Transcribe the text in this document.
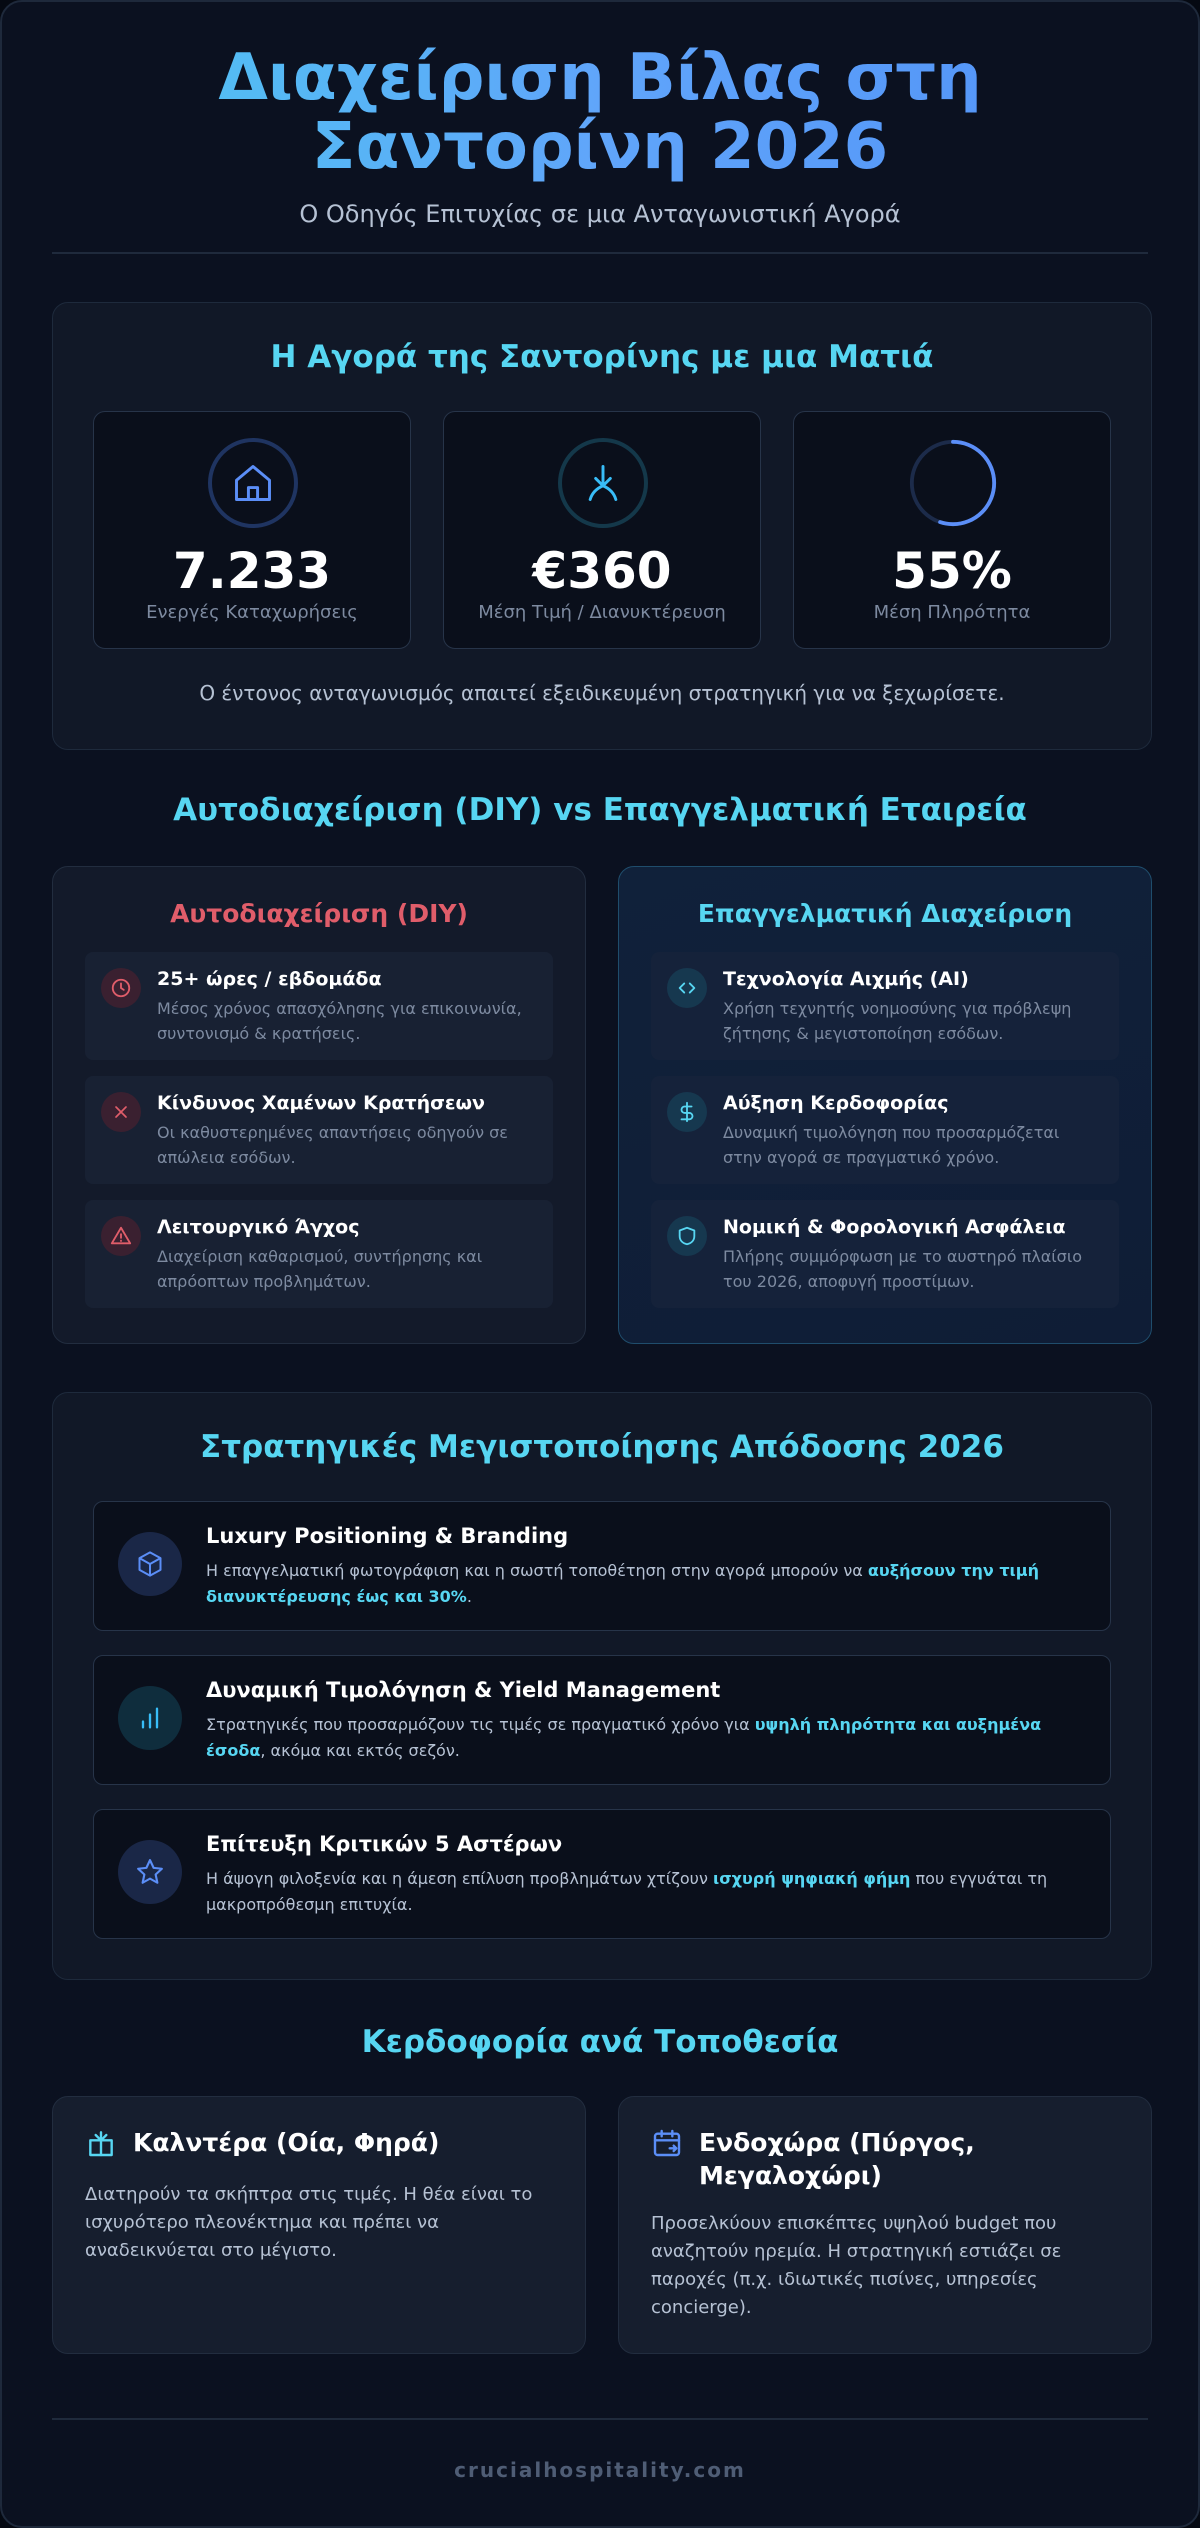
Διαχείριση Βίλας στη Σαντορίνη 2026
Ο Οδηγός Επιτυχίας σε μια Ανταγωνιστική Αγορά
Η Αγορά της Σαντορίνης με μια Ματιά
7.233
Ενεργές Καταχωρήσεις
€360
Μέση Τιμή / Διανυκτέρευση
55%
Μέση Πληρότητα

Ο έντονος ανταγωνισμός απαιτεί εξειδικευμένη στρατηγική για να ξεχωρίσετε.

Αυτοδιαχείριση (DIY) vs Επαγγελματική Εταιρεία
Αυτοδιαχείριση (DIY)
25+ ώρες / εβδομάδα
Μέσος χρόνος απασχόλησης για επικοινωνία, συντονισμό & κρατήσεις.
Κίνδυνος Χαμένων Κρατήσεων
Οι καθυστερημένες απαντήσεις οδηγούν σε απώλεια εσόδων.
Λειτουργικό Άγχος
Διαχείριση καθαρισμού, συντήρησης και απρόοπτων προβλημάτων.
Επαγγελματική Διαχείριση
Τεχνολογία Αιχμής (AI)
Χρήση τεχνητής νοημοσύνης για πρόβλεψη ζήτησης & μεγιστοποίηση εσόδων.
Αύξηση Κερδοφορίας
Δυναμική τιμολόγηση που προσαρμόζεται στην αγορά σε πραγματικό χρόνο.
Νομική & Φορολογική Ασφάλεια
Πλήρης συμμόρφωση με το αυστηρό πλαίσιο του 2026, αποφυγή προστίμων.
Στρατηγικές Μεγιστοποίησης Απόδοσης 2026
Luxury Positioning & Branding
Η επαγγελματική φωτογράφιση και η σωστή τοποθέτηση στην αγορά μπορούν να αυξήσουν την τιμή διανυκτέρευσης έως και 30%.
Δυναμική Τιμολόγηση & Yield Management
Στρατηγικές που προσαρμόζουν τις τιμές σε πραγματικό χρόνο για υψηλή πληρότητα και αυξημένα έσοδα, ακόμα και εκτός σεζόν.
Επίτευξη Κριτικών 5 Αστέρων
Η άψογη φιλοξενία και η άμεση επίλυση προβλημάτων χτίζουν ισχυρή ψηφιακή φήμη που εγγυάται τη μακροπρόθεσμη επιτυχία.
Κερδοφορία ανά Τοποθεσία
Καλντέρα (Οία, Φηρά)

Διατηρούν τα σκήπτρα στις τιμές. Η θέα είναι το ισχυρότερο πλεονέκτημα και πρέπει να αναδεικνύεται στο μέγιστο.

Ενδοχώρα (Πύργος, Μεγαλοχώρι)

Προσελκύουν επισκέπτες υψηλού budget που αναζητούν ηρεμία. Η στρατηγική εστιάζει σε παροχές (π.χ. ιδιωτικές πισίνες, υπηρεσίες concierge).

crucialhospitality.com
